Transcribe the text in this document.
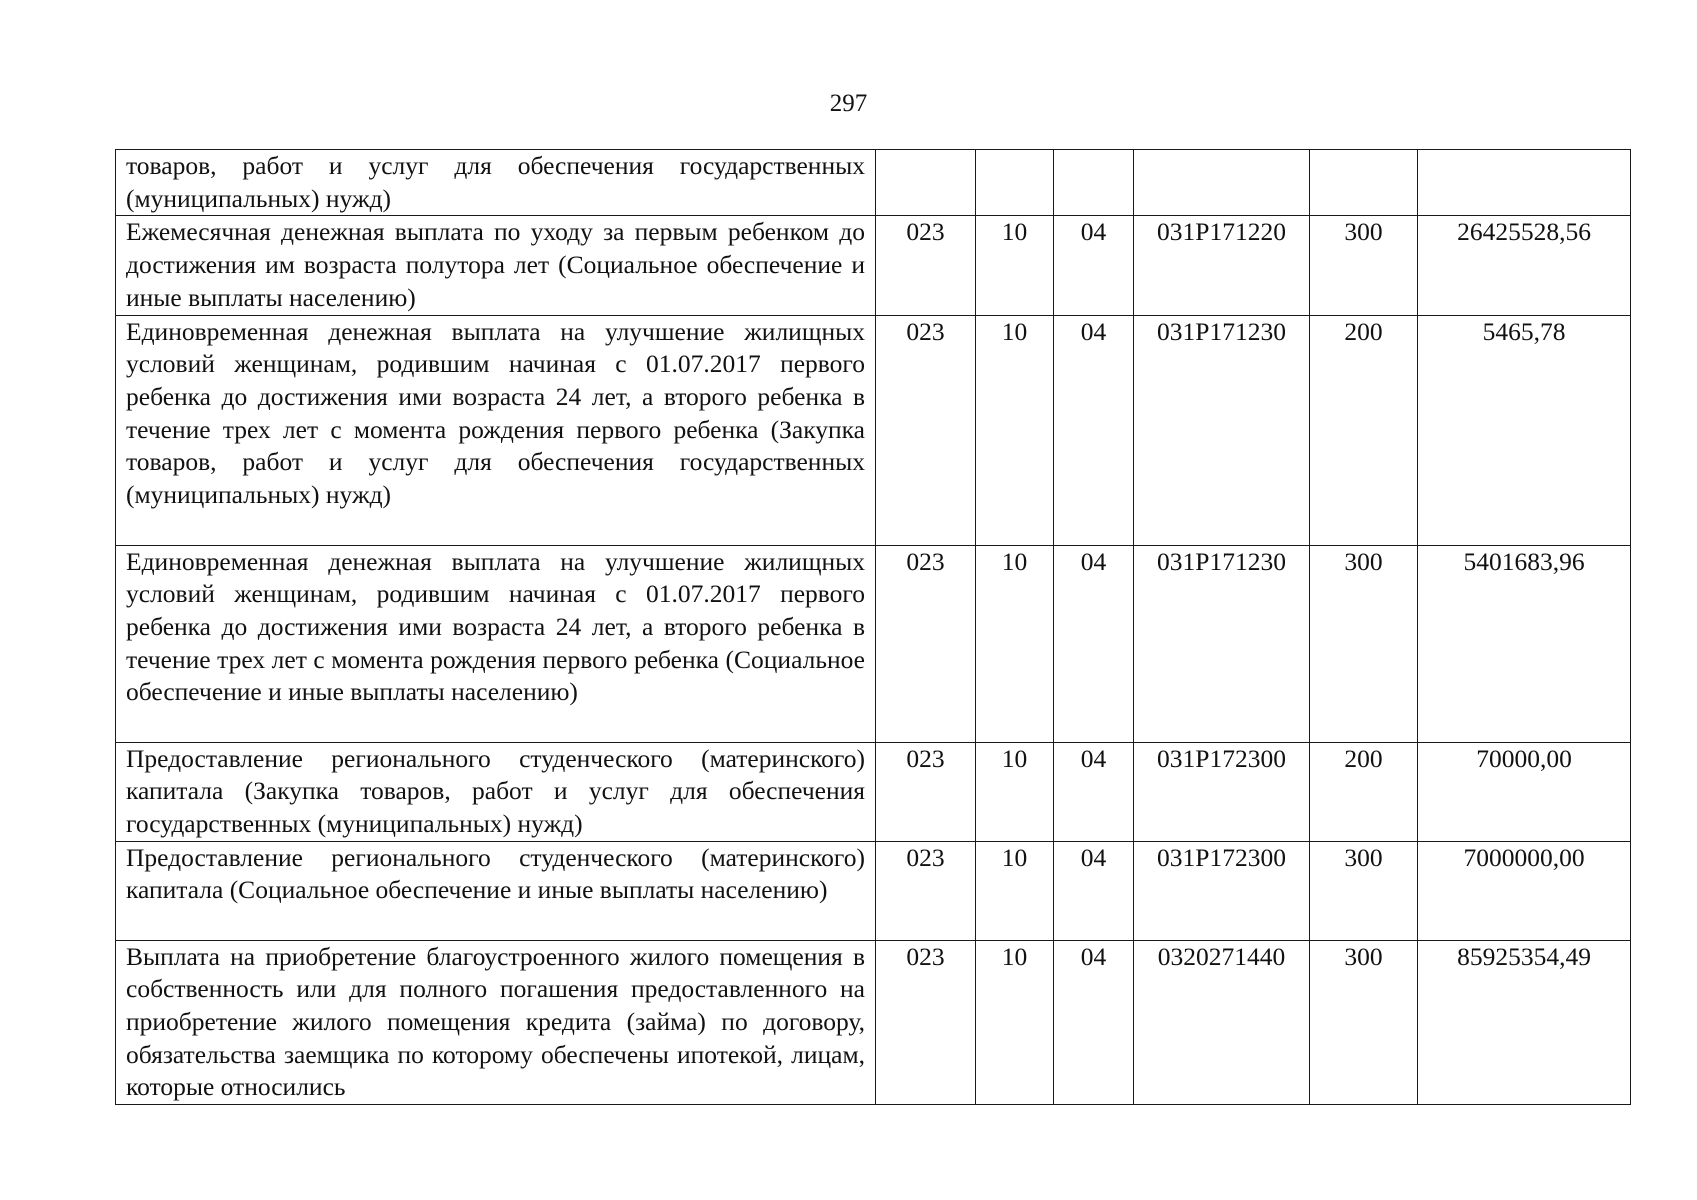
297
товаров, работ и услуг для обеспечения государственных (муниципальных) нужд)						
Ежемесячная денежная выплата по уходу за первым ребенком до достижения им возраста полутора лет (Социальное обеспечение и иные выплаты населению)	023	10	04	031Р171220	300	26425528,56
Единовременная денежная выплата на улучшение жилищных условий женщинам, родившим начиная с 01.07.2017 первого ребенка до достижения ими возраста 24 лет, а второго ребенка в течение трех лет с момента рождения первого ребенка (Закупка товаров, работ и услуг для обеспечения государственных (муниципальных) нужд)	023	10	04	031Р171230	200	5465,78
Единовременная денежная выплата на улучшение жилищных условий женщинам, родившим начиная с 01.07.2017 первого ребенка до достижения ими возраста 24 лет, а второго ребенка в течение трех лет с момента рождения первого ребенка (Социальное обеспечение и иные выплаты населению)	023	10	04	031Р171230	300	5401683,96
Предоставление регионального студенческого (материнского) капитала (Закупка товаров, работ и услуг для обеспечения государственных (муниципальных) нужд)	023	10	04	031Р172300	200	70000,00
Предоставление регионального студенческого (материнского) капитала (Социальное обеспечение и иные выплаты населению)	023	10	04	031Р172300	300	7000000,00
Выплата на приобретение благоустроенного жилого помещения в собственность или для полного погашения предоставленного на приобретение жилого помещения кредита (займа) по договору, обязательства заемщика по которому обеспечены ипотекой, лицам, которые относились	023	10	04	0320271440	300	85925354,49
